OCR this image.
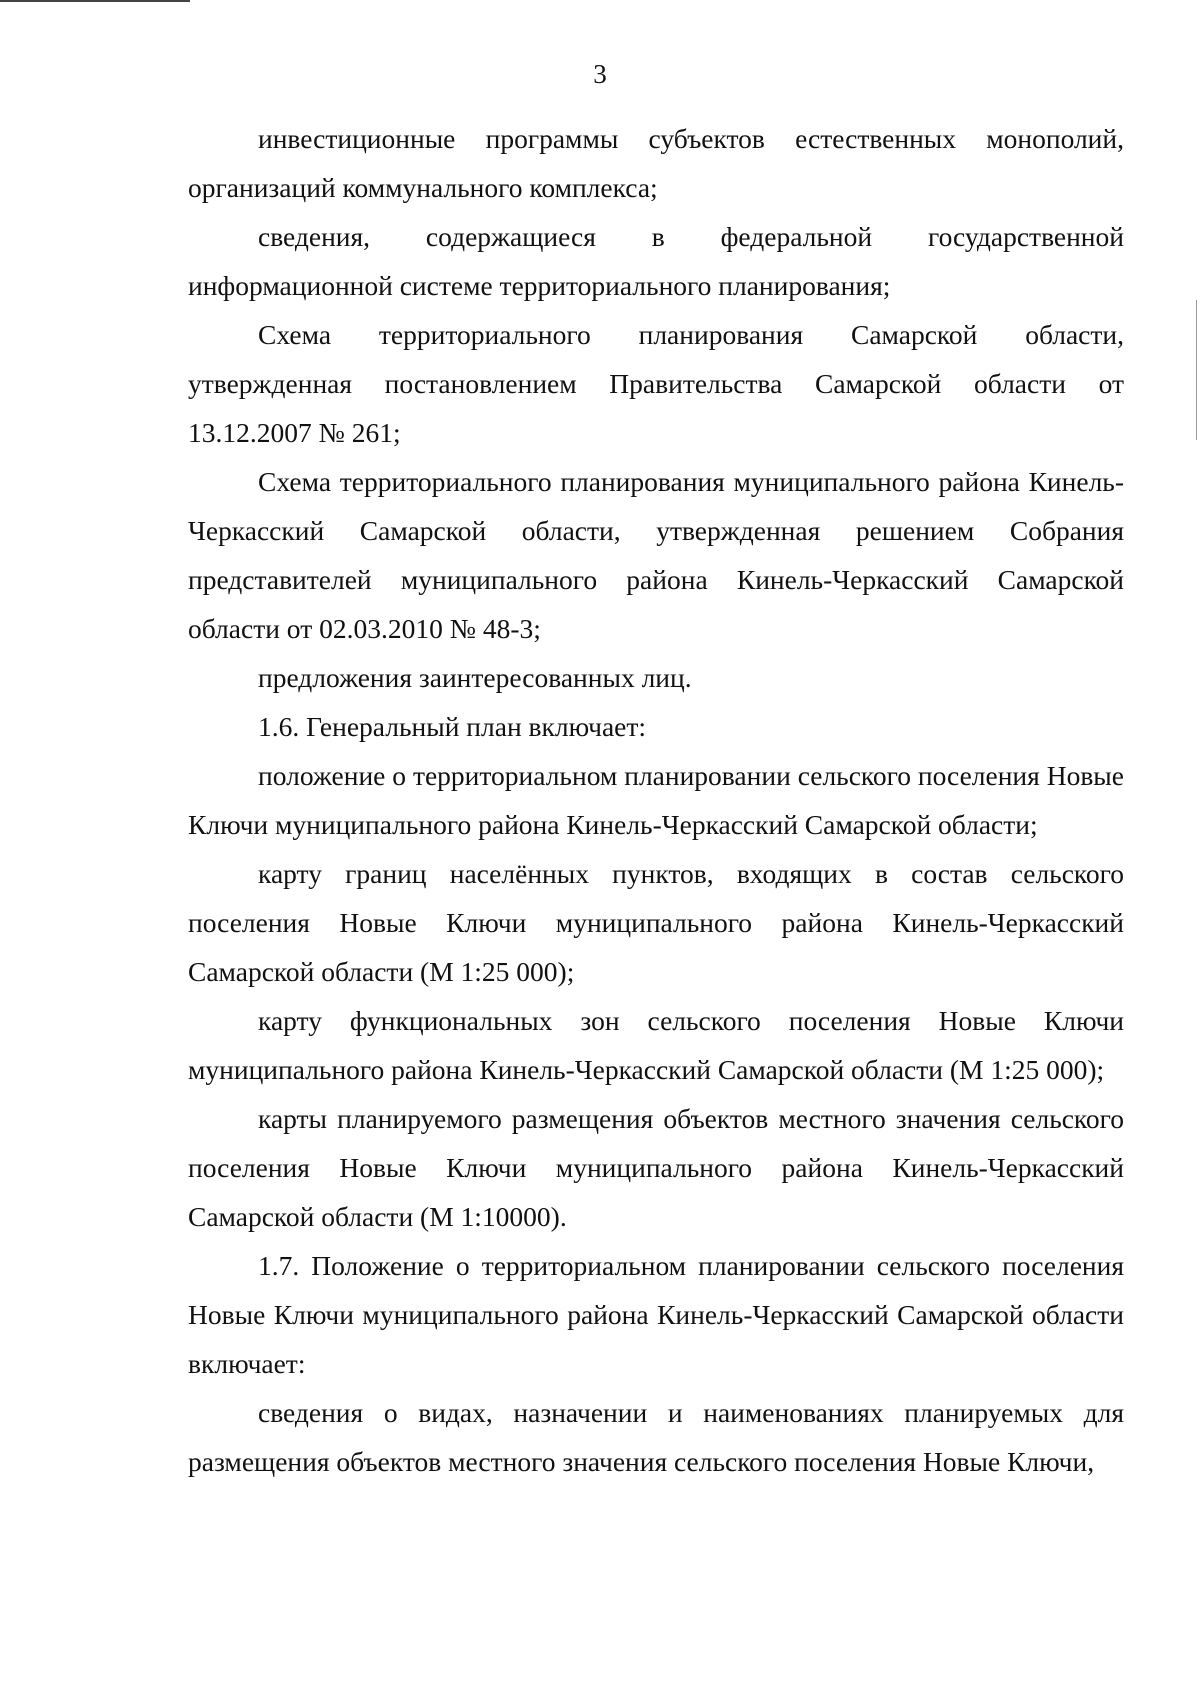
3

инвестиционные программы субъектов естественных монополий, организаций коммунального комплекса;

сведения, содержащиеся в федеральной государственной информационной системе территориального планирования;

Схема территориального планирования Самарской области, утвержденная постановлением Правительства Самарской области от 13.12.2007 № 261;

Схема территориального планирования муниципального района Кинель-Черкасский Самарской области, утвержденная решением Собрания представителей муниципального района Кинель-Черкасский Самарской области от 02.03.2010 № 48-3;

предложения заинтересованных лиц.

1.6. Генеральный план включает:

положение о территориальном планировании сельского поселения Новые Ключи муниципального района Кинель-Черкасский Самарской области;

карту границ населённых пунктов, входящих в состав сельского поселения Новые Ключи муниципального района Кинель-Черкасский Самарской области (М 1:25 000);

карту функциональных зон сельского поселения Новые Ключи муниципального района Кинель-Черкасский Самарской области (М 1:25 000);

карты планируемого размещения объектов местного значения сельского поселения Новые Ключи муниципального района Кинель-Черкасский Самарской области (М 1:10000).

1.7. Положение о территориальном планировании сельского поселения Новые Ключи муниципального района Кинель-Черкасский Самарской области включает:

сведения о видах, назначении и наименованиях планируемых для размещения объектов местного значения сельского поселения Новые Ключи,
